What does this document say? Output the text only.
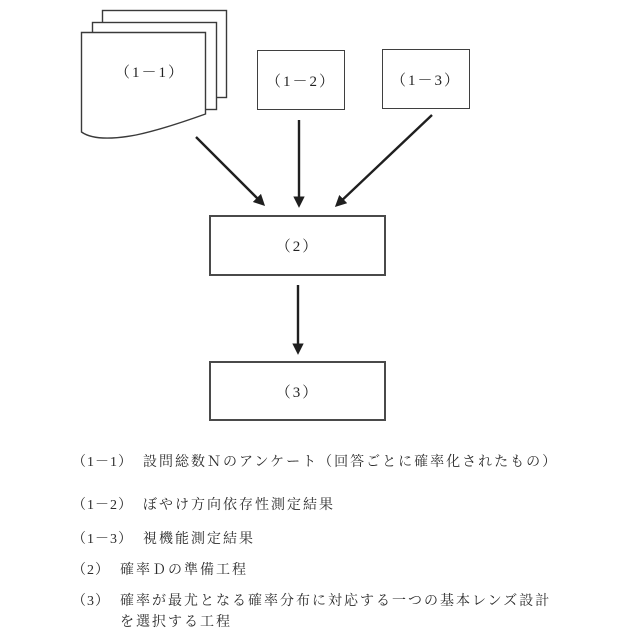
（1－1）
（1－2）	（1－3）
（2）
（3）
（1－1） 設問総数Ｎのアンケート（回答ごとに確率化されたもの）
（1－2） ぼやけ方向依存性測定結果
（1－3） 視機能測定結果
（2） 確率Ｄの準備工程
（3） 確率が最尤となる確率分布に対応する一つの基本レンズ設計を選択する工程
